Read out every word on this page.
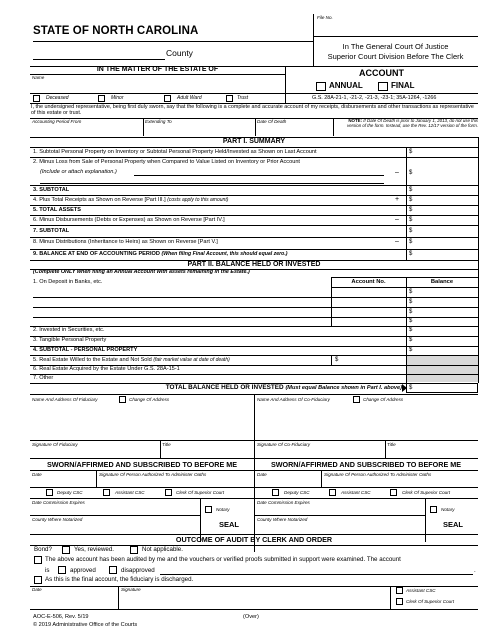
File No.
STATE OF NORTH CAROLINA
County
In The General Court Of Justice
Superior Court Division Before The Clerk
IN THE MATTER OF THE ESTATE OF
Name	ACCOUNT
ANNUAL	FINAL
Deceased	Minor	Adult Ward	Trust	G.S. 28A-21-1, -21-2, -21-3, -23-1; 35A-1264, -1266
I, the undersigned representative, being first duly sworn, say that the following is a complete and accurate account of my receipts, disbursements and other transactions as representative of this estate or trust.
Accounting Period From	Extending To	Date Of Death	NOTE: If Date Of Death is prior to January 1, 2013, do not use this version of the form. Instead, use the Rev. 12/17 version of the form.
PART I. SUMMARY
1. Subtotal Personal Property on Inventory or Subtotal Personal Property Held/Invested as Shown on Last Account	$
2. Minus Loss from Sale of Personal Property when Compared to Value Listed on Inventory or Prior Account
(Include or attach explanation.)	– $
3. SUBTOTAL	$
4. Plus Total Receipts as Shown on Reverse [Part III.] (costs apply to this amount)	+ $
5. TOTAL ASSETS	$
6. Minus Disbursements (Debts or Expenses) as Shown on Reverse [Part IV.]	– $
7. SUBTOTAL	$
8. Minus Distributions (Inheritance to Heirs) as Shown on Reverse [Part V.]	– $
9. BALANCE AT END OF ACCOUNTING PERIOD (When filing Final Account, this should equal zero.)	$
PART II. BALANCE HELD OR INVESTED
(Complete ONLY when filing an Annual Account with assets remaining in the Estate.)
Account No.	Balance
1. On Deposit in Banks, etc.
$
$
$
$
2. Invested in Securities, etc.	$
3. Tangible Personal Property	$
4. SUBTOTAL - PERSONAL PROPERTY	$
5. Real Estate Willed to the Estate and Not Sold (fair market value at date of death)	$
6. Real Estate Acquired by the Estate Under G.S. 28A-15-1
7. Other
TOTAL BALANCE HELD OR INVESTED (Must equal Balance shown in Part I. above) $
Name And Address Of Fiduciary	Change Of Address	Name And Address Of Co-Fiduciary	Change Of Address
Signature Of Fiduciary	Title	Signature Of Co-Fiduciary	Title
SWORN/AFFIRMED AND SUBSCRIBED TO BEFORE ME	SWORN/AFFIRMED AND SUBSCRIBED TO BEFORE ME
Date	Signature Of Person Authorized To Administer Oaths
Deputy CSC	Assistant CSC	Clerk Of Superior Court
Date Commission Expires
Notary
County Where Notarized
SEAL
Date	Signature Of Person Authorized To Administer Oaths
Deputy CSC	Assistant CSC	Clerk Of Superior Court
Date Commission Expires
Notary
County Where Notarized
SEAL
OUTCOME OF AUDIT BY CLERK AND ORDER
Bond?	Yes, reviewed.	Not applicable.
The above account has been audited by me and the vouchers or verified proofs submitted in support were examined. The account
is	approved	disapproved	.
As this is the final account, the fiduciary is discharged.
Date	Signature	Assistant CSC
Clerk Of Superior Court
AOC-E-506, Rev. 5/19	(Over)
© 2019 Administrative Office of the Courts
